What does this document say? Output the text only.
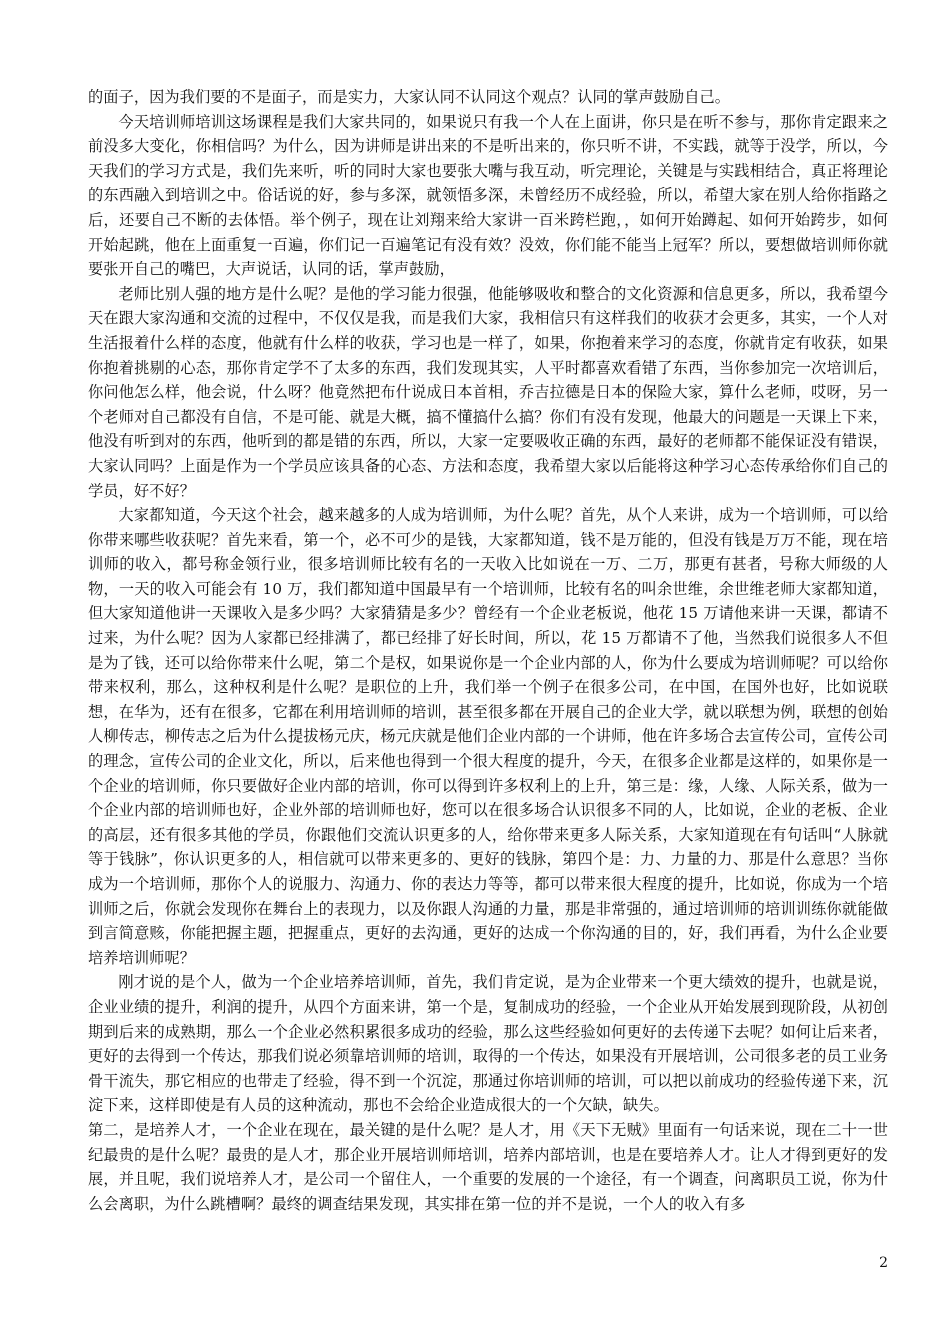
的面子，因为我们要的不是面子，而是实力，大家认同不认同这个观点？认同的掌声鼓励自己。

今天培训师培训这场课程是我们大家共同的，如果说只有我一个人在上面讲，你只是在听不参与，那你肯定跟来之前没多大变化，你相信吗？为什么，因为讲师是讲出来的不是听出来的，你只听不讲，不实践，就等于没学，所以，今天我们的学习方式是，我们先来听，听的同时大家也要张大嘴与我互动，听完理论，关键是与实践相结合，真正将理论的东西融入到培训之中。俗话说的好，参与多深，就领悟多深，未曾经历不成经验，所以，希望大家在别人给你指路之后，还要自己不断的去体悟。举个例子，现在让刘翔来给大家讲一百米跨栏跑，，如何开始蹲起、如何开始跨步，如何开始起跳，他在上面重复一百遍，你们记一百遍笔记有没有效？没效，你们能不能当上冠军？所以，要想做培训师你就要张开自己的嘴巴，大声说话，认同的话，掌声鼓励，

老师比别人强的地方是什么呢？是他的学习能力很强，他能够吸收和整合的文化资源和信息更多，所以，我希望今天在跟大家沟通和交流的过程中，不仅仅是我，而是我们大家，我相信只有这样我们的收获才会更多，其实，一个人对生活报着什么样的态度，他就有什么样的收获，学习也是一样了，如果，你抱着来学习的态度，你就肯定有收获，如果你抱着挑剔的心态，那你肯定学不了太多的东西，我们发现其实，人平时都喜欢看错了东西，当你参加完一次培训后，你问他怎么样，他会说，什么呀？他竟然把布什说成日本首相，乔吉拉德是日本的保险大家，算什么老师，哎呀，另一个老师对自己都没有自信，不是可能、就是大概，搞不懂搞什么搞？你们有没有发现，他最大的问题是一天课上下来，他没有听到对的东西，他听到的都是错的东西，所以，大家一定要吸收正确的东西，最好的老师都不能保证没有错误，大家认同吗？上面是作为一个学员应该具备的心态、方法和态度，我希望大家以后能将这种学习心态传承给你们自己的学员，好不好？

大家都知道，今天这个社会，越来越多的人成为培训师，为什么呢？首先，从个人来讲，成为一个培训师，可以给你带来哪些收获呢？首先来看，第一个，必不可少的是钱，大家都知道，钱不是万能的，但没有钱是万万不能，现在培训师的收入，都号称金领行业，很多培训师比较有名的一天收入比如说在一万、二万，那更有甚者，号称大师级的人物，一天的收入可能会有 10 万，我们都知道中国最早有一个培训师，比较有名的叫余世维，余世维老师大家都知道，但大家知道他讲一天课收入是多少吗？大家猜猜是多少？曾经有一个企业老板说，他花 15 万请他来讲一天课，都请不过来，为什么呢？因为人家都已经排满了，都已经排了好长时间，所以，花 15 万都请不了他，当然我们说很多人不但是为了钱，还可以给你带来什么呢，第二个是权，如果说你是一个企业内部的人，你为什么要成为培训师呢？可以给你带来权利，那么，这种权利是什么呢？是职位的上升，我们举一个例子在很多公司，在中国，在国外也好，比如说联想，在华为，还有在很多，它都在利用培训师的培训，甚至很多都在开展自己的企业大学，就以联想为例，联想的创始人柳传志，柳传志之后为什么提拔杨元庆，杨元庆就是他们企业内部的一个讲师，他在许多场合去宣传公司，宣传公司的理念，宣传公司的企业文化，所以，后来他也得到一个很大程度的提升，今天，在很多企业都是这样的，如果你是一个企业的培训师，你只要做好企业内部的培训，你可以得到许多权利上的上升，第三是：缘，人缘、人际关系，做为一个企业内部的培训师也好，企业外部的培训师也好，您可以在很多场合认识很多不同的人，比如说，企业的老板、企业的高层，还有很多其他的学员，你跟他们交流认识更多的人，给你带来更多人际关系，大家知道现在有句话叫“人脉就等于钱脉”，你认识更多的人，相信就可以带来更多的、更好的钱脉，第四个是：力、力量的力、那是什么意思？当你成为一个培训师，那你个人的说服力、沟通力、你的表达力等等，都可以带来很大程度的提升，比如说，你成为一个培训师之后，你就会发现你在舞台上的表现力，以及你跟人沟通的力量，那是非常强的，通过培训师的培训训练你就能做到言简意赅，你能把握主题，把握重点，更好的去沟通，更好的达成一个你沟通的目的，好，我们再看，为什么企业要培养培训师呢？

刚才说的是个人，做为一个企业培养培训师，首先，我们肯定说，是为企业带来一个更大绩效的提升，也就是说，企业业绩的提升，利润的提升，从四个方面来讲，第一个是，复制成功的经验，一个企业从开始发展到现阶段，从初创期到后来的成熟期，那么一个企业必然积累很多成功的经验，那么这些经验如何更好的去传递下去呢？如何让后来者，更好的去得到一个传达，那我们说必须靠培训师的培训，取得的一个传达，如果没有开展培训，公司很多老的员工业务骨干流失，那它相应的也带走了经验，得不到一个沉淀，那通过你培训师的培训，可以把以前成功的经验传递下来，沉淀下来，这样即使是有人员的这种流动，那也不会给企业造成很大的一个欠缺，缺失。

第二，是培养人才，一个企业在现在，最关键的是什么呢？是人才，用《天下无贼》里面有一句话来说，现在二十一世纪最贵的是什么呢？最贵的是人才，那企业开展培训师培训，培养内部培训，也是在要培养人才。让人才得到更好的发展，并且呢，我们说培养人才，是公司一个留住人，一个重要的发展的一个途径，有一个调查，问离职员工说，你为什么会离职，为什么跳槽啊？最终的调查结果发现，其实排在第一位的并不是说，一个人的收入有多

2
